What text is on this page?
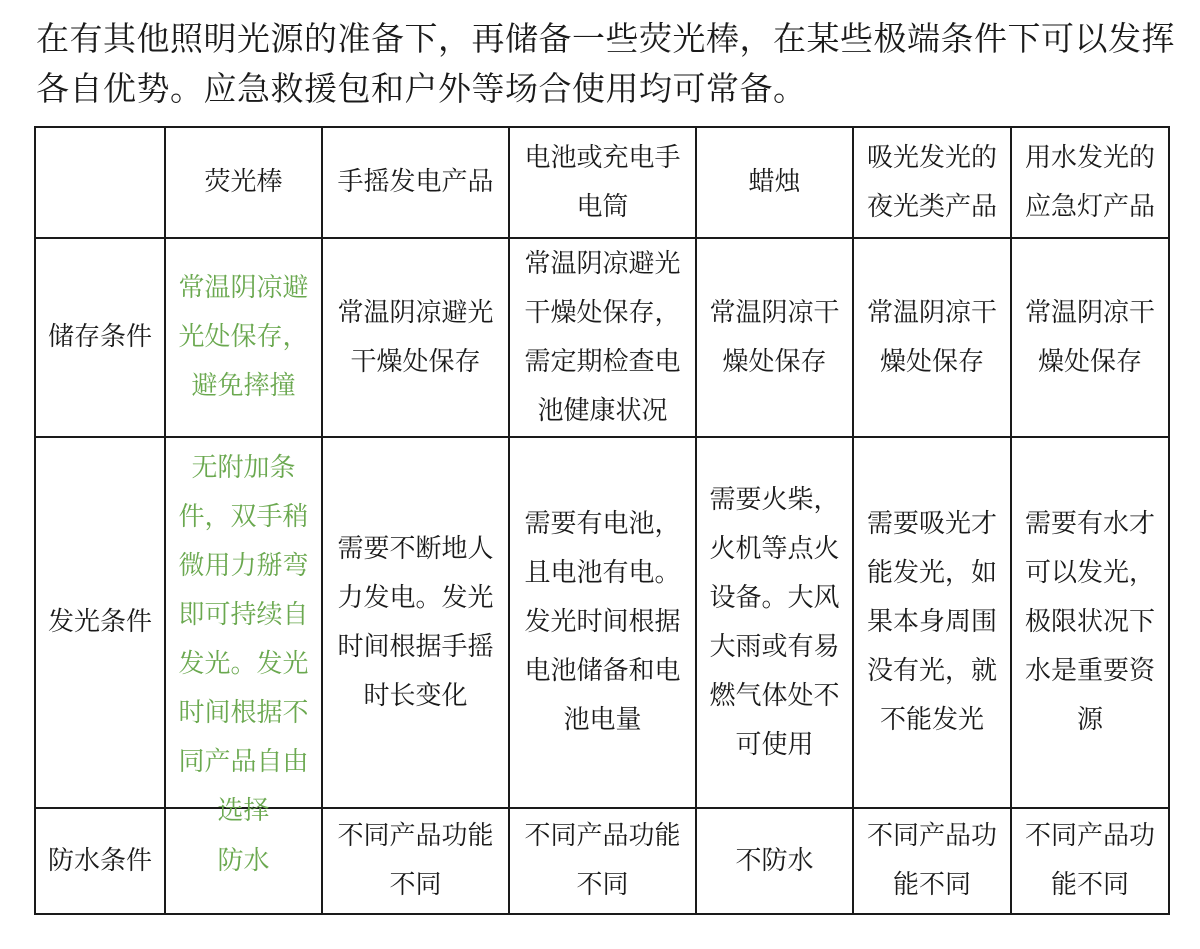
在有其他照明光源的准备下，再储备一些荧光棒，在某些极端条件下可以发挥各自优势。应急救援包和户外等场合使用均可常备。

	荧光棒	手摇发电产品	电池或充电手电筒	蜡烛	吸光发光的夜光类产品	用水发光的应急灯产品
储存条件	常温阴凉避光处保存，避免摔撞	常温阴凉避光干燥处保存	常温阴凉避光干燥处保存，需定期检查电池健康状况	常温阴凉干燥处保存	常温阴凉干燥处保存	常温阴凉干燥处保存
发光条件	无附加条件，双手稍微用力掰弯即可持续自发光。发光时间根据不同产品自由选择	需要不断地人力发电。发光时间根据手摇时长变化	需要有电池，且电池有电。发光时间根据电池储备和电池电量	需要火柴，火机等点火设备。大风大雨或有易燃气体处不可使用	需要吸光才能发光，如果本身周围没有光，就不能发光	需要有水才可以发光，极限状况下水是重要资源
防水条件	防水	不同产品功能不同	不同产品功能不同	不防水	不同产品功能不同	不同产品功能不同
